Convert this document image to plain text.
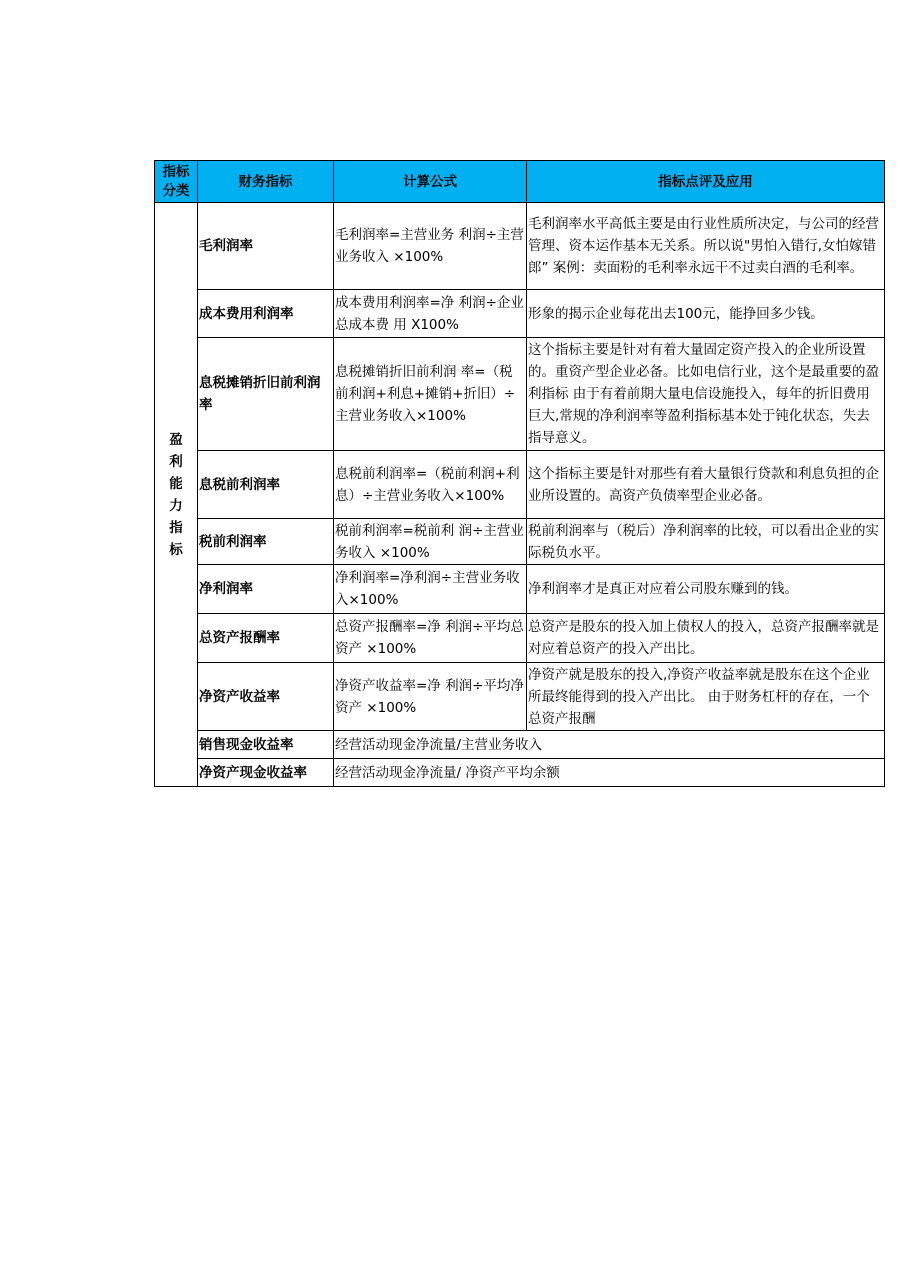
指标分类	财务指标	计算公式	指标点评及应用

盈利能力指标	毛利润率	毛利润率=主营业务 利润÷主营业务收入 ×100%	毛利润率水平高低主要是由行业性质所决定，与公司的经营管理、资本运作基本无关系。所以说"男怕入错行,女怕嫁错郎” 案例：卖面粉的毛利率永远干不过卖白酒的毛利率。
	成本费用利润率	成本费用利润率=净 利润÷企业总成本费 用 X100%	形象的揭示企业每花出去100元，能挣回多少钱。
	息税摊销折旧前利润率	息税摊销折旧前利润 率=（税前利润+利息+摊销+折旧）÷主营业务收入×100%	这个指标主要是针对有着大量固定资产投入的企业所设置的。重资产型企业必备。比如电信行业，这个是最重要的盈利指标 由于有着前期大量电信设施投入，每年的折旧费用巨大,常规的净利润率等盈利指标基本处于钝化状态，失去指导意义。
	息税前利润率	息税前利润率=（税前利润+利息）÷主营业务收入×100%	这个指标主要是针对那些有着大量银行贷款和利息负担的企业所设置的。高资产负债率型企业必备。
	税前利润率	税前利润率=税前利 润÷主营业务收入 ×100%	税前利润率与（税后）净利润率的比较，可以看出企业的实际税负水平。
	净利润率	净利润率=净利润÷主营业务收入×100%	净利润率才是真正对应着公司股东赚到的钱。
	总资产报酬率	总资产报酬率=净 利润÷平均总资产 ×100%	总资产是股东的投入加上债权人的投入，总资产报酬率就是对应着总资产的投入产出比。
	净资产收益率	净资产收益率=净 利润÷平均净资产 ×100%	净资产就是股东的投入,净资产收益率就是股东在这个企业所最终能得到的投入产出比。 由于财务杠杆的存在，一个总资产报酬
	销售现金收益率	经营活动现金净流量/主营业务收入	
	净资产现金收益率	经营活动现金净流量/ 净资产平均余额	
